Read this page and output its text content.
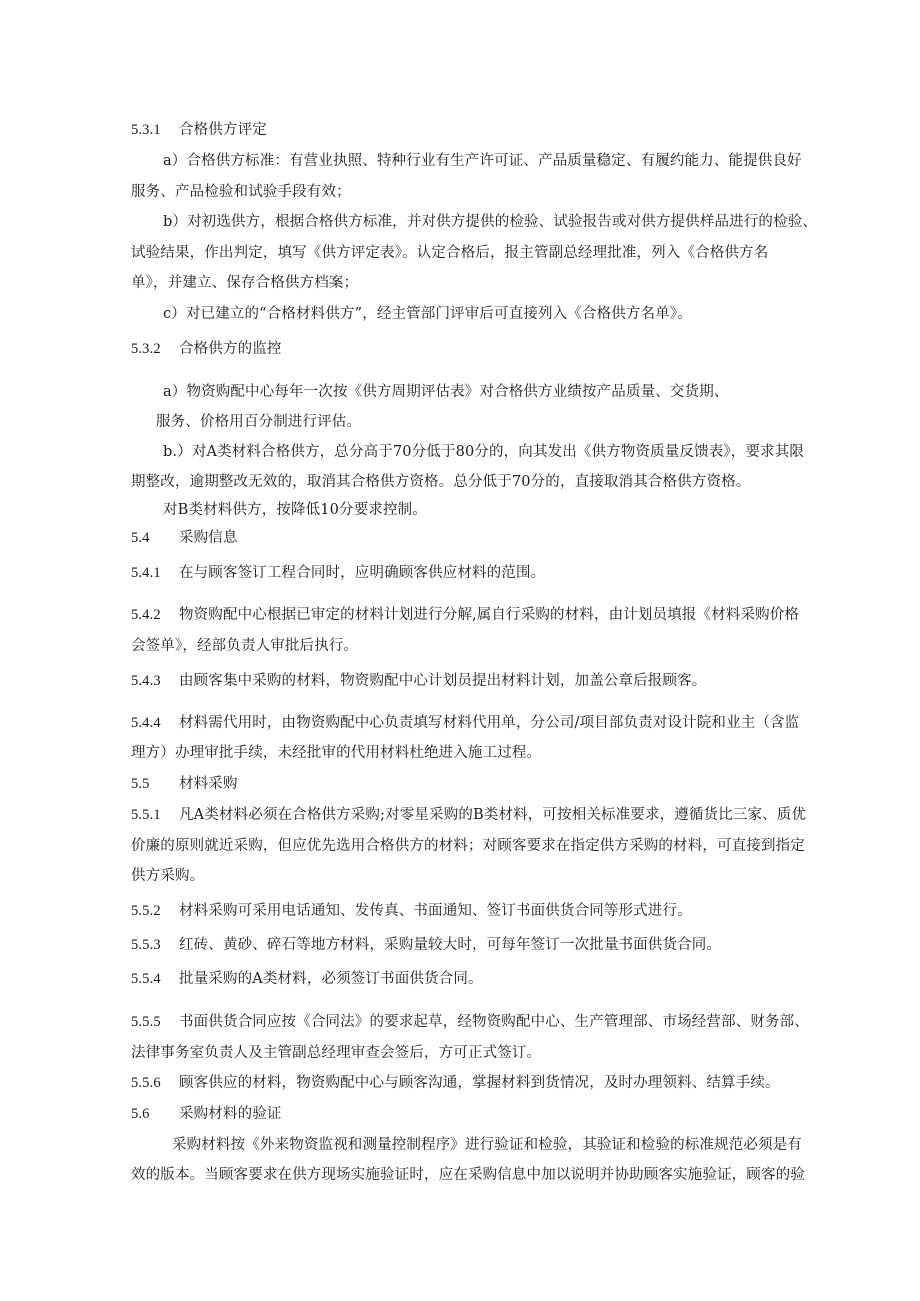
5.3.1 合格供方评定
a）合格供方标准：有营业执照、特种行业有生产许可证、产品质量稳定、有履约能力、能提供良好
服务、产品检验和试验手段有效；
b）对初选供方，根据合格供方标准，并对供方提供的检验、试验报告或对供方提供样品进行的检验、
试验结果，作出判定，填写《供方评定表》。认定合格后，报主管副总经理批准，列入《合格供方名
单》，并建立、保存合格供方档案；
c）对已建立的“合格材料供方”，经主管部门评审后可直接列入《合格供方名单》。
5.3.2 合格供方的监控
a）物资购配中心每年一次按《供方周期评估表》对合格供方业绩按产品质量、交货期、
服务、价格用百分制进行评估。
b.）对A类材料合格供方，总分高于70分低于80分的，向其发出《供方物资质量反馈表》，要求其限
期整改，逾期整改无效的，取消其合格供方资格。总分低于70分的，直接取消其合格供方资格。
对B类材料供方，按降低10分要求控制。
5.4 采购信息
5.4.1 在与顾客签订工程合同时，应明确顾客供应材料的范围。
5.4.2 物资购配中心根据已审定的材料计划进行分解,属自行采购的材料，由计划员填报《材料采购价格
会签单》，经部负责人审批后执行。
5.4.3 由顾客集中采购的材料，物资购配中心计划员提出材料计划，加盖公章后报顾客。
5.4.4 材料需代用时，由物资购配中心负责填写材料代用单，分公司/项目部负责对设计院和业主（含监
理方）办理审批手续，未经批审的代用材料杜绝进入施工过程。
5.5 材料采购
5.5.1 凡A类材料必须在合格供方采购;对零星采购的B类材料，可按相关标准要求，遵循货比三家、质优
价廉的原则就近采购，但应优先选用合格供方的材料；对顾客要求在指定供方采购的材料，可直接到指定
供方采购。
5.5.2 材料采购可采用电话通知、发传真、书面通知、签订书面供货合同等形式进行。
5.5.3 红砖、黄砂、碎石等地方材料，采购量较大时，可每年签订一次批量书面供货合同。
5.5.4 批量采购的A类材料，必须签订书面供货合同。
5.5.5 书面供货合同应按《合同法》的要求起草，经物资购配中心、生产管理部、市场经营部、财务部、
法律事务室负责人及主管副总经理审查会签后，方可正式签订。
5.5.6 顾客供应的材料，物资购配中心与顾客沟通，掌握材料到货情况，及时办理领料、结算手续。
5.6 采购材料的验证
采购材料按《外来物资监视和测量控制程序》进行验证和检验，其验证和检验的标准规范必须是有
效的版本。当顾客要求在供方现场实施验证时，应在采购信息中加以说明并协助顾客实施验证，顾客的验
